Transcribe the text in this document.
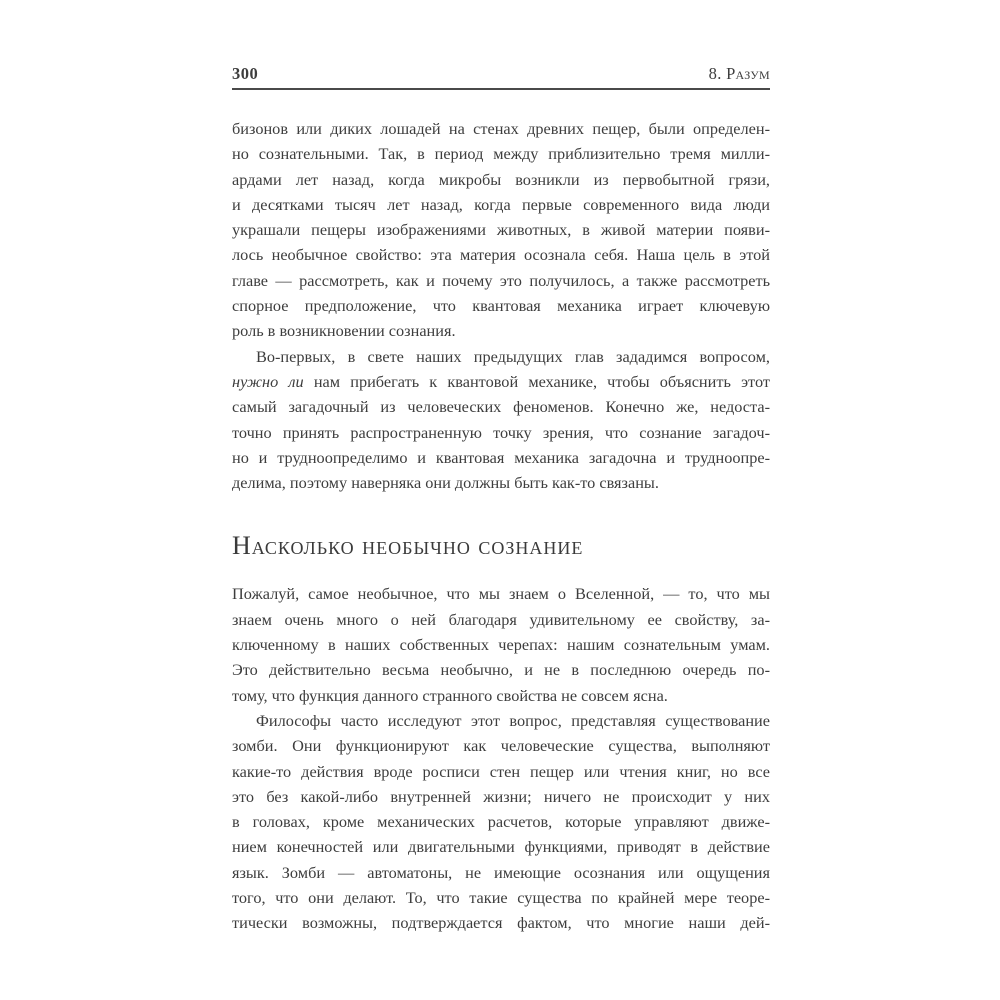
300	8. Разум
бизонов или диких лошадей на стенах древних пещер, были определен-
но сознательными. Так, в период между приблизительно тремя милли-
ардами лет назад, когда микробы возникли из первобытной грязи,
и десятками тысяч лет назад, когда первые современного вида люди
украшали пещеры изображениями животных, в живой материи появи-
лось необычное свойство: эта материя осознала себя. Наша цель в этой
главе — рассмотреть, как и почему это получилось, а также рассмотреть
спорное предположение, что квантовая механика играет ключевую
роль в возникновении сознания.
Во-первых, в свете наших предыдущих глав зададимся вопросом,
нужно ли нам прибегать к квантовой механике, чтобы объяснить этот
самый загадочный из человеческих феноменов. Конечно же, недоста-
точно принять распространенную точку зрения, что сознание загадоч-
но и трудноопределимо и квантовая механика загадочна и трудноопре-
делима, поэтому наверняка они должны быть как-то связаны.
Насколько необычно сознание
Пожалуй, самое необычное, что мы знаем о Вселенной, — то, что мы
знаем очень много о ней благодаря удивительному ее свойству, за-
ключенному в наших собственных черепах: нашим сознательным умам.
Это действительно весьма необычно, и не в последнюю очередь по-
тому, что функция данного странного свойства не совсем ясна.
Философы часто исследуют этот вопрос, представляя существование
зомби. Они функционируют как человеческие существа, выполняют
какие-то действия вроде росписи стен пещер или чтения книг, но все
это без какой-либо внутренней жизни; ничего не происходит у них
в головах, кроме механических расчетов, которые управляют движе-
нием конечностей или двигательными функциями, приводят в действие
язык. Зомби — автоматоны, не имеющие осознания или ощущения
того, что они делают. То, что такие существа по крайней мере теоре-
тически возможны, подтверждается фактом, что многие наши дей-
